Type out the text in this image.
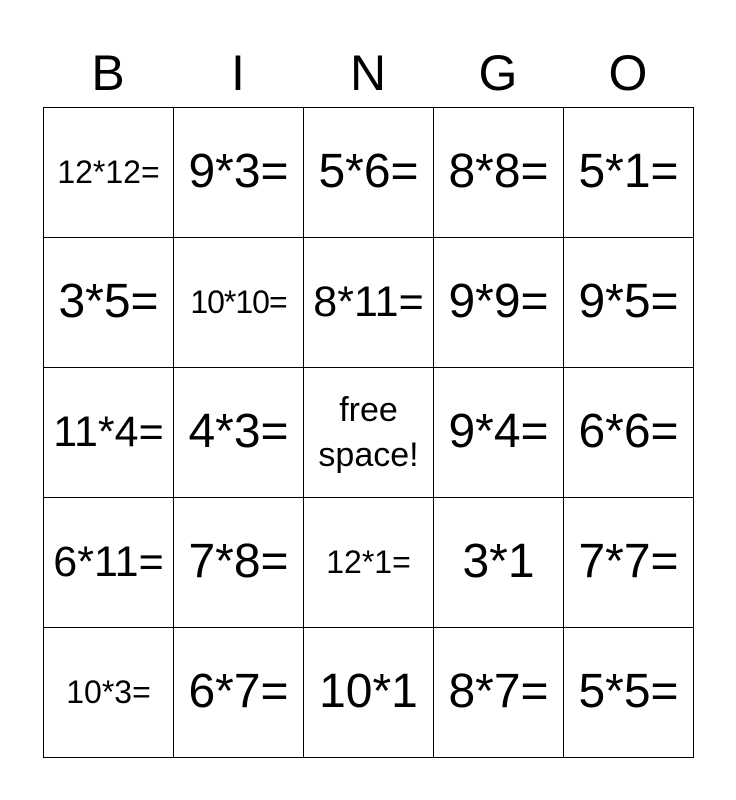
B	I	N	G	O
12*12= 9*3= 5*6= 8*8= 5*1=
3*5= 10*10= 8*11= 9*9= 9*5=
11*4= 4*3=	free space! 9*4= 6*6=
6*11= 7*8=	12*1=	3*1 7*7=
10*3= 6*7= 10*1 8*7= 5*5=
